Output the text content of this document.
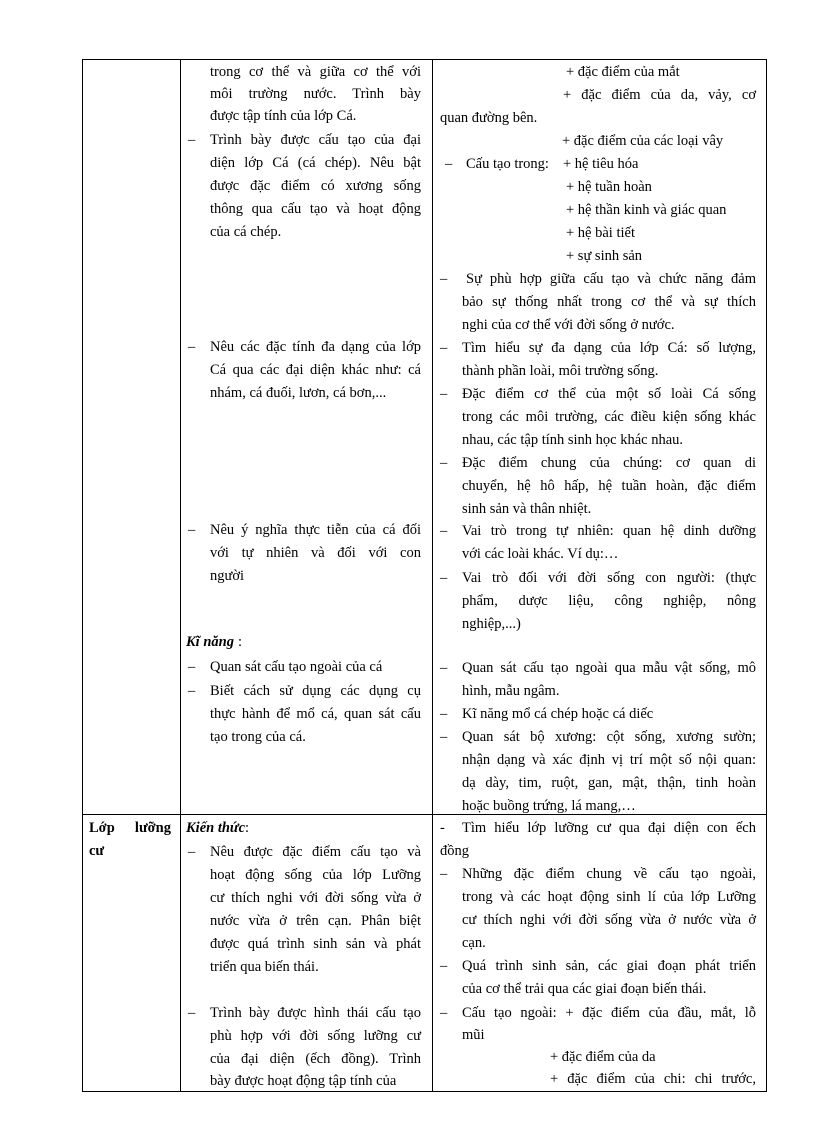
trong cơ thể và giữa cơ thể với
môi trường nước. Trình bày
được tập tính của lớp Cá.
– Trình bày được cấu tạo của đại
diện lớp Cá (cá chép). Nêu bật
được đặc điểm có xương sống
thông qua cấu tạo và hoạt động
của cá chép.
– Nêu các đặc tính đa dạng của lớp
Cá qua các đại diện khác như: cá
nhám, cá đuối, lươn, cá bơn,...
– Nêu ý nghĩa thực tiễn của cá đối
với tự nhiên và đối với con
người
Kĩ năng :
– Quan sát cấu tạo ngoài của cá
– Biết cách sử dụng các dụng cụ
thực hành để mổ cá, quan sát cấu
tạo trong của cá.
+ đặc điểm của mắt
+ đặc điểm của da, vảy, cơ
quan đường bên.
+ đặc điểm của các loại vây
– Cấu tạo trong: + hệ tiêu hóa
+ hệ tuần hoàn
+ hệ thần kinh và giác quan
+ hệ bài tiết
+ sự sinh sản
– Sự phù hợp giữa cấu tạo và chức năng đảm
bảo sự thống nhất trong cơ thể và sự thích
nghi của cơ thể với đời sống ở nước.
– Tìm hiểu sự đa dạng của lớp Cá: số lượng,
thành phần loài, môi trường sống.
– Đặc điểm cơ thể của một số loài Cá sống
trong các môi trường, các điều kiện sống khác
nhau, các tập tính sinh học khác nhau.
– Đặc điểm chung của chúng: cơ quan di
chuyển, hệ hô hấp, hệ tuần hoàn, đặc điểm
sinh sản và thân nhiệt.
– Vai trò trong tự nhiên: quan hệ dinh dưỡng
với các loài khác. Ví dụ:…
– Vai trò đối với đời sống con người: (thực
phẩm, dược liệu, công nghiệp, nông
nghiệp,...)
– Quan sát cấu tạo ngoài qua mẫu vật sống, mô
hình, mẫu ngâm.
– Kĩ năng mổ cá chép hoặc cá diếc
– Quan sát bộ xương: cột sống, xương sườn;
nhận dạng và xác định vị trí một số nội quan:
dạ dày, tim, ruột, gan, mật, thận, tinh hoàn
hoặc buồng trứng, lá mang,…
Lớp lưỡng
cư
Kiến thức:
– Nêu được đặc điểm cấu tạo và
hoạt động sống của lớp Lưỡng
cư thích nghi với đời sống vừa ở
nước vừa ở trên cạn. Phân biệt
được quá trình sinh sản và phát
triển qua biến thái.
– Trình bày được hình thái cấu tạo
phù hợp với đời sống lưỡng cư
của đại diện (ếch đồng). Trình
bày được hoạt động tập tính của
- Tìm hiểu lớp lưỡng cư qua đại diện con ếch
đồng
– Những đặc điểm chung về cấu tạo ngoài,
trong và các hoạt động sinh lí của lớp Lưỡng
cư thích nghi với đời sống vừa ở nước vừa ở
cạn.
– Quá trình sinh sản, các giai đoạn phát triển
của cơ thể trải qua các giai đoạn biến thái.
– Cấu tạo ngoài: + đặc điểm của đầu, mắt, lỗ
mũi
+ đặc điểm của da
+ đặc điểm của chi: chi trước,
